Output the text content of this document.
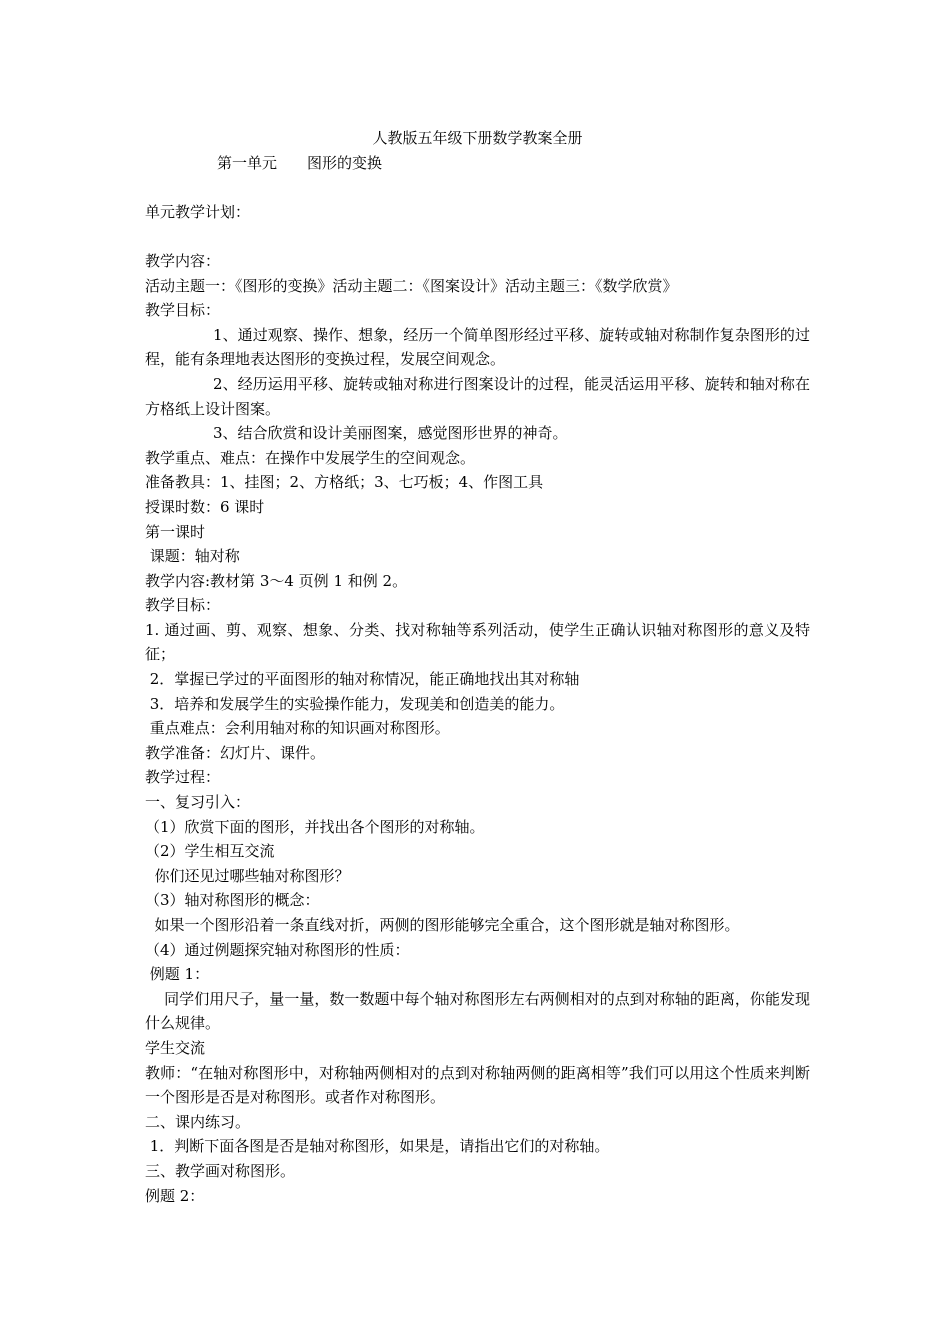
人教版五年级下册数学教案全册
第一单元　　图形的变换
单元教学计划：
教学内容：
活动主题一：《图形的变换》活动主题二：《图案设计》活动主题三：《数学欣赏》
教学目标：
1、通过观察、操作、想象，经历一个简单图形经过平移、旋转或轴对称制作复杂图形的过程，能有条理地表达图形的变换过程，发展空间观念。
2、经历运用平移、旋转或轴对称进行图案设计的过程，能灵活运用平移、旋转和轴对称在方格纸上设计图案。
3、结合欣赏和设计美丽图案，感觉图形世界的神奇。
教学重点、难点：在操作中发展学生的空间观念。
准备教具：1、挂图；2、方格纸；3、七巧板；4、作图工具
授课时数：6 课时
第一课时
课题：轴对称
教学内容:教材第 3～4 页例 1 和例 2。
教学目标：
1. 通过画、剪、观察、想象、分类、找对称轴等系列活动，使学生正确认识轴对称图形的意义及特征；
2．掌握已学过的平面图形的轴对称情况，能正确地找出其对称轴
3．培养和发展学生的实验操作能力，发现美和创造美的能力。
重点难点：会利用轴对称的知识画对称图形。
教学准备：幻灯片、课件。
教学过程：
一、复习引入：
（1）欣赏下面的图形，并找出各个图形的对称轴。
（2）学生相互交流
你们还见过哪些轴对称图形？
（3）轴对称图形的概念：
如果一个图形沿着一条直线对折，两侧的图形能够完全重合，这个图形就是轴对称图形。
（4）通过例题探究轴对称图形的性质：
例题 1：
同学们用尺子，量一量，数一数题中每个轴对称图形左右两侧相对的点到对称轴的距离，你能发现什么规律。
学生交流
教师：“在轴对称图形中，对称轴两侧相对的点到对称轴两侧的距离相等”我们可以用这个性质来判断一个图形是否是对称图形。或者作对称图形。
二、课内练习。
1．判断下面各图是否是轴对称图形，如果是，请指出它们的对称轴。
三、教学画对称图形。
例题 2：
